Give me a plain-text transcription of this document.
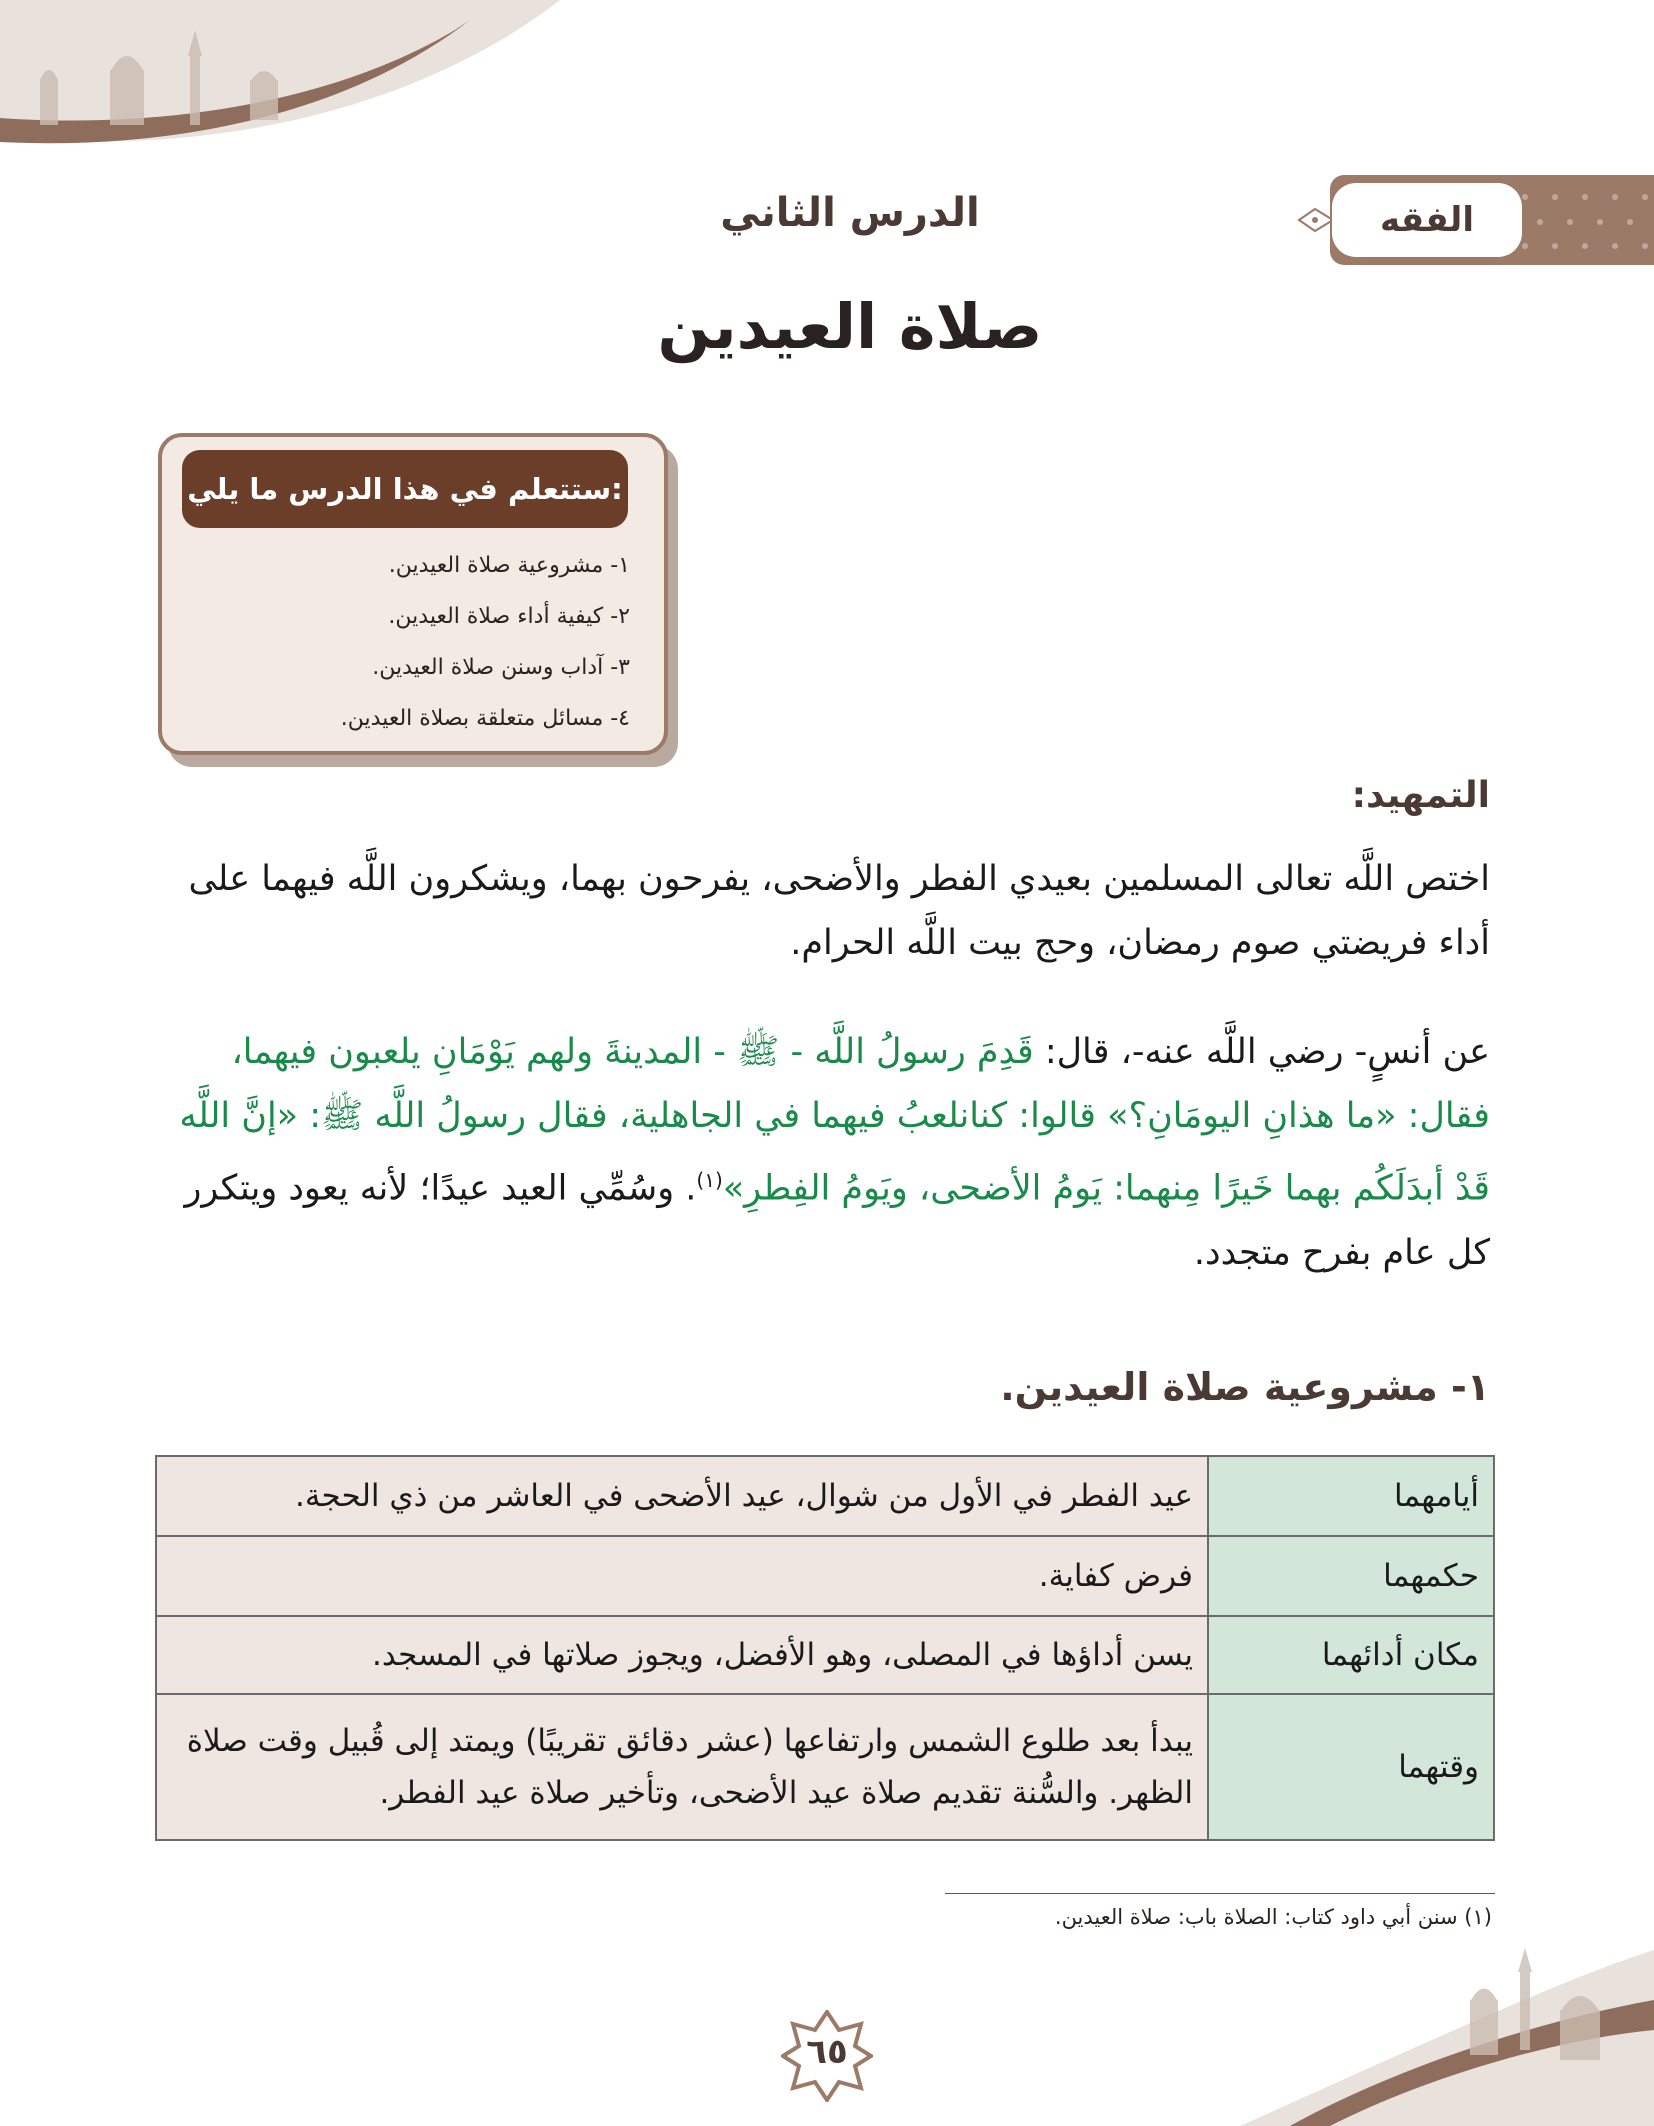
الفقه
الدرس الثاني
صلاة العيدين
ستتعلم في هذا الدرس ما يلي:
١- مشروعية صلاة العيدين.
٢- كيفية أداء صلاة العيدين.
٣- آداب وسنن صلاة العيدين.
٤- مسائل متعلقة بصلاة العيدين.
التمهيد:
اختص اللَّه تعالى المسلمين بعيدي الفطر والأضحى، يفرحون بهما، ويشكرون اللَّه فيهما على أداء فريضتي صوم رمضان، وحج بيت اللَّه الحرام.
عن أنسٍ- رضي اللَّه عنه-، قال: قَدِمَ رسولُ اللَّه - ﷺ - المدينةَ ولهم يَوْمَانِ يلعبون فيهما، فقال: «ما هذانِ اليومَانِ؟» قالوا: كنانلعبُ فيهما في الجاهلية، فقال رسولُ اللَّه ﷺ: «إنَّ اللَّه قَدْ أبدَلَكُم بهما خَيرًا مِنهما: يَومُ الأضحى، ويَومُ الفِطرِ»$^{(١)}$. وسُمِّي العيد عيدًا؛ لأنه يعود ويتكرر كل عام بفرح متجدد.
١- مشروعية صلاة العيدين.
أيامهما	عيد الفطر في الأول من شوال، عيد الأضحى في العاشر من ذي الحجة.
حكمهما	فرض كفاية.
مكان أدائهما	يسن أداؤها في المصلى، وهو الأفضل، ويجوز صلاتها في المسجد.
وقتهما	يبدأ بعد طلوع الشمس وارتفاعها (عشر دقائق تقريبًا) ويمتد إلى قُبيل وقت صلاة الظهر. والسُّنة تقديم صلاة عيد الأضحى، وتأخير صلاة عيد الفطر.
(١) سنن أبي داود كتاب: الصلاة باب: صلاة العيدين.
٦٥
